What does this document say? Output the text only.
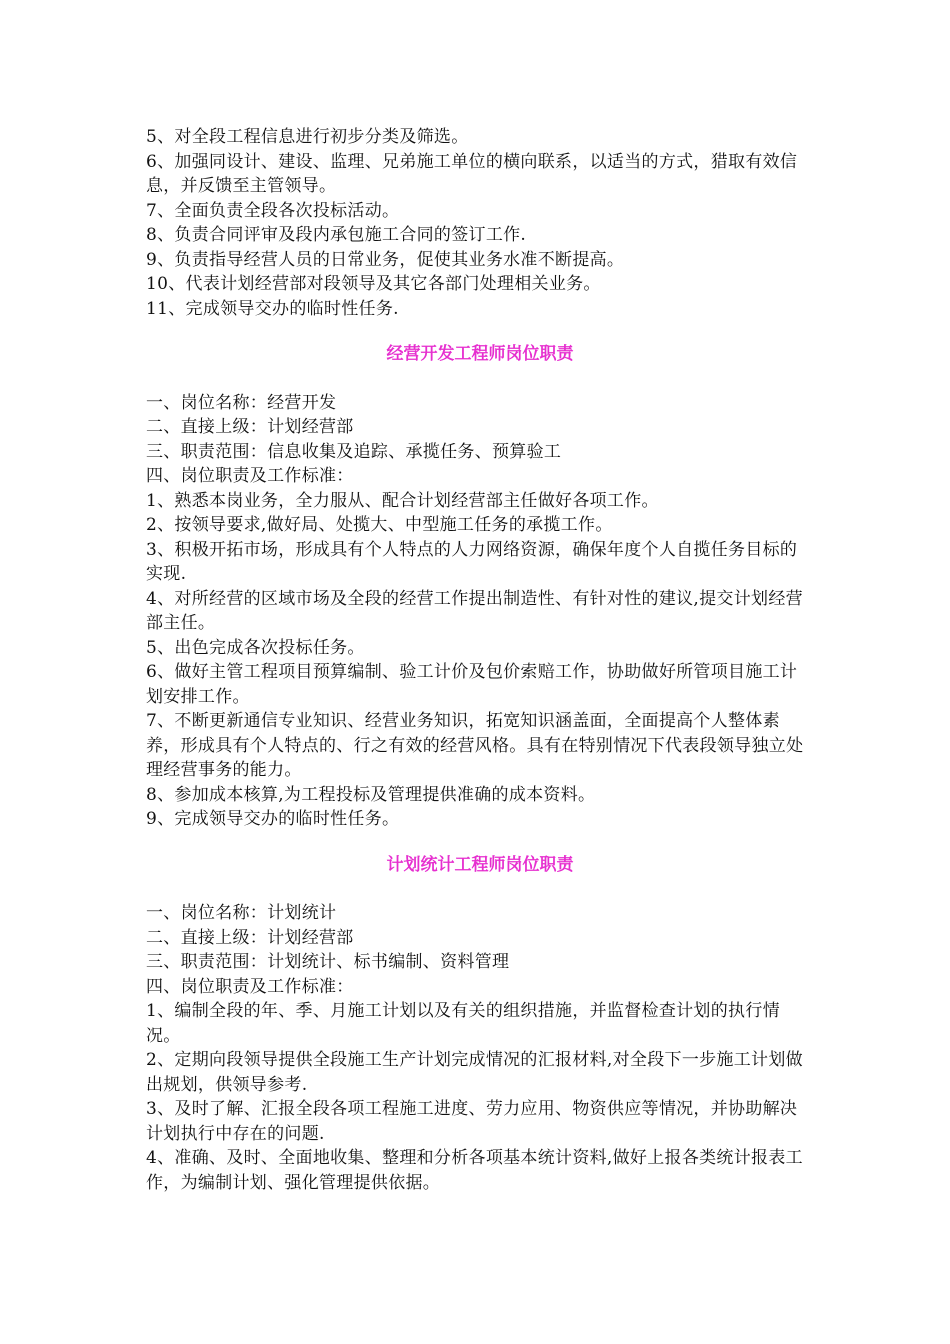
5、对全段工程信息进行初步分类及筛选。
6、加强同设计、建设、监理、兄弟施工单位的横向联系，以适当的方式，猎取有效信息，并反馈至主管领导。
7、全面负责全段各次投标活动。
8、负责合同评审及段内承包施工合同的签订工作.
9、负责指导经营人员的日常业务，促使其业务水准不断提高。
10、代表计划经营部对段领导及其它各部门处理相关业务。
11、完成领导交办的临时性任务.
经营开发工程师岗位职责
一、岗位名称：经营开发
二、直接上级：计划经营部
三、职责范围：信息收集及追踪、承揽任务、预算验工
四、岗位职责及工作标准：
1、熟悉本岗业务，全力服从、配合计划经营部主任做好各项工作。
2、按领导要求,做好局、处揽大、中型施工任务的承揽工作。
3、积极开拓市场，形成具有个人特点的人力网络资源，确保年度个人自揽任务目标的实现.
4、对所经营的区域市场及全段的经营工作提出制造性、有针对性的建议,提交计划经营部主任。
5、出色完成各次投标任务。
6、做好主管工程项目预算编制、验工计价及包价索赔工作，协助做好所管项目施工计划安排工作。
7、不断更新通信专业知识、经营业务知识，拓宽知识涵盖面，全面提高个人整体素养，形成具有个人特点的、行之有效的经营风格。具有在特别情况下代表段领导独立处理经营事务的能力。
8、参加成本核算,为工程投标及管理提供准确的成本资料。
9、完成领导交办的临时性任务。
计划统计工程师岗位职责
一、岗位名称：计划统计
二、直接上级：计划经营部
三、职责范围：计划统计、标书编制、资料管理
四、岗位职责及工作标准：
1、编制全段的年、季、月施工计划以及有关的组织措施，并监督检查计划的执行情况。
2、定期向段领导提供全段施工生产计划完成情况的汇报材料,对全段下一步施工计划做出规划，供领导参考.
3、及时了解、汇报全段各项工程施工进度、劳力应用、物资供应等情况，并协助解决计划执行中存在的问题.
4、准确、及时、全面地收集、整理和分析各项基本统计资料,做好上报各类统计报表工作，为编制计划、强化管理提供依据。
